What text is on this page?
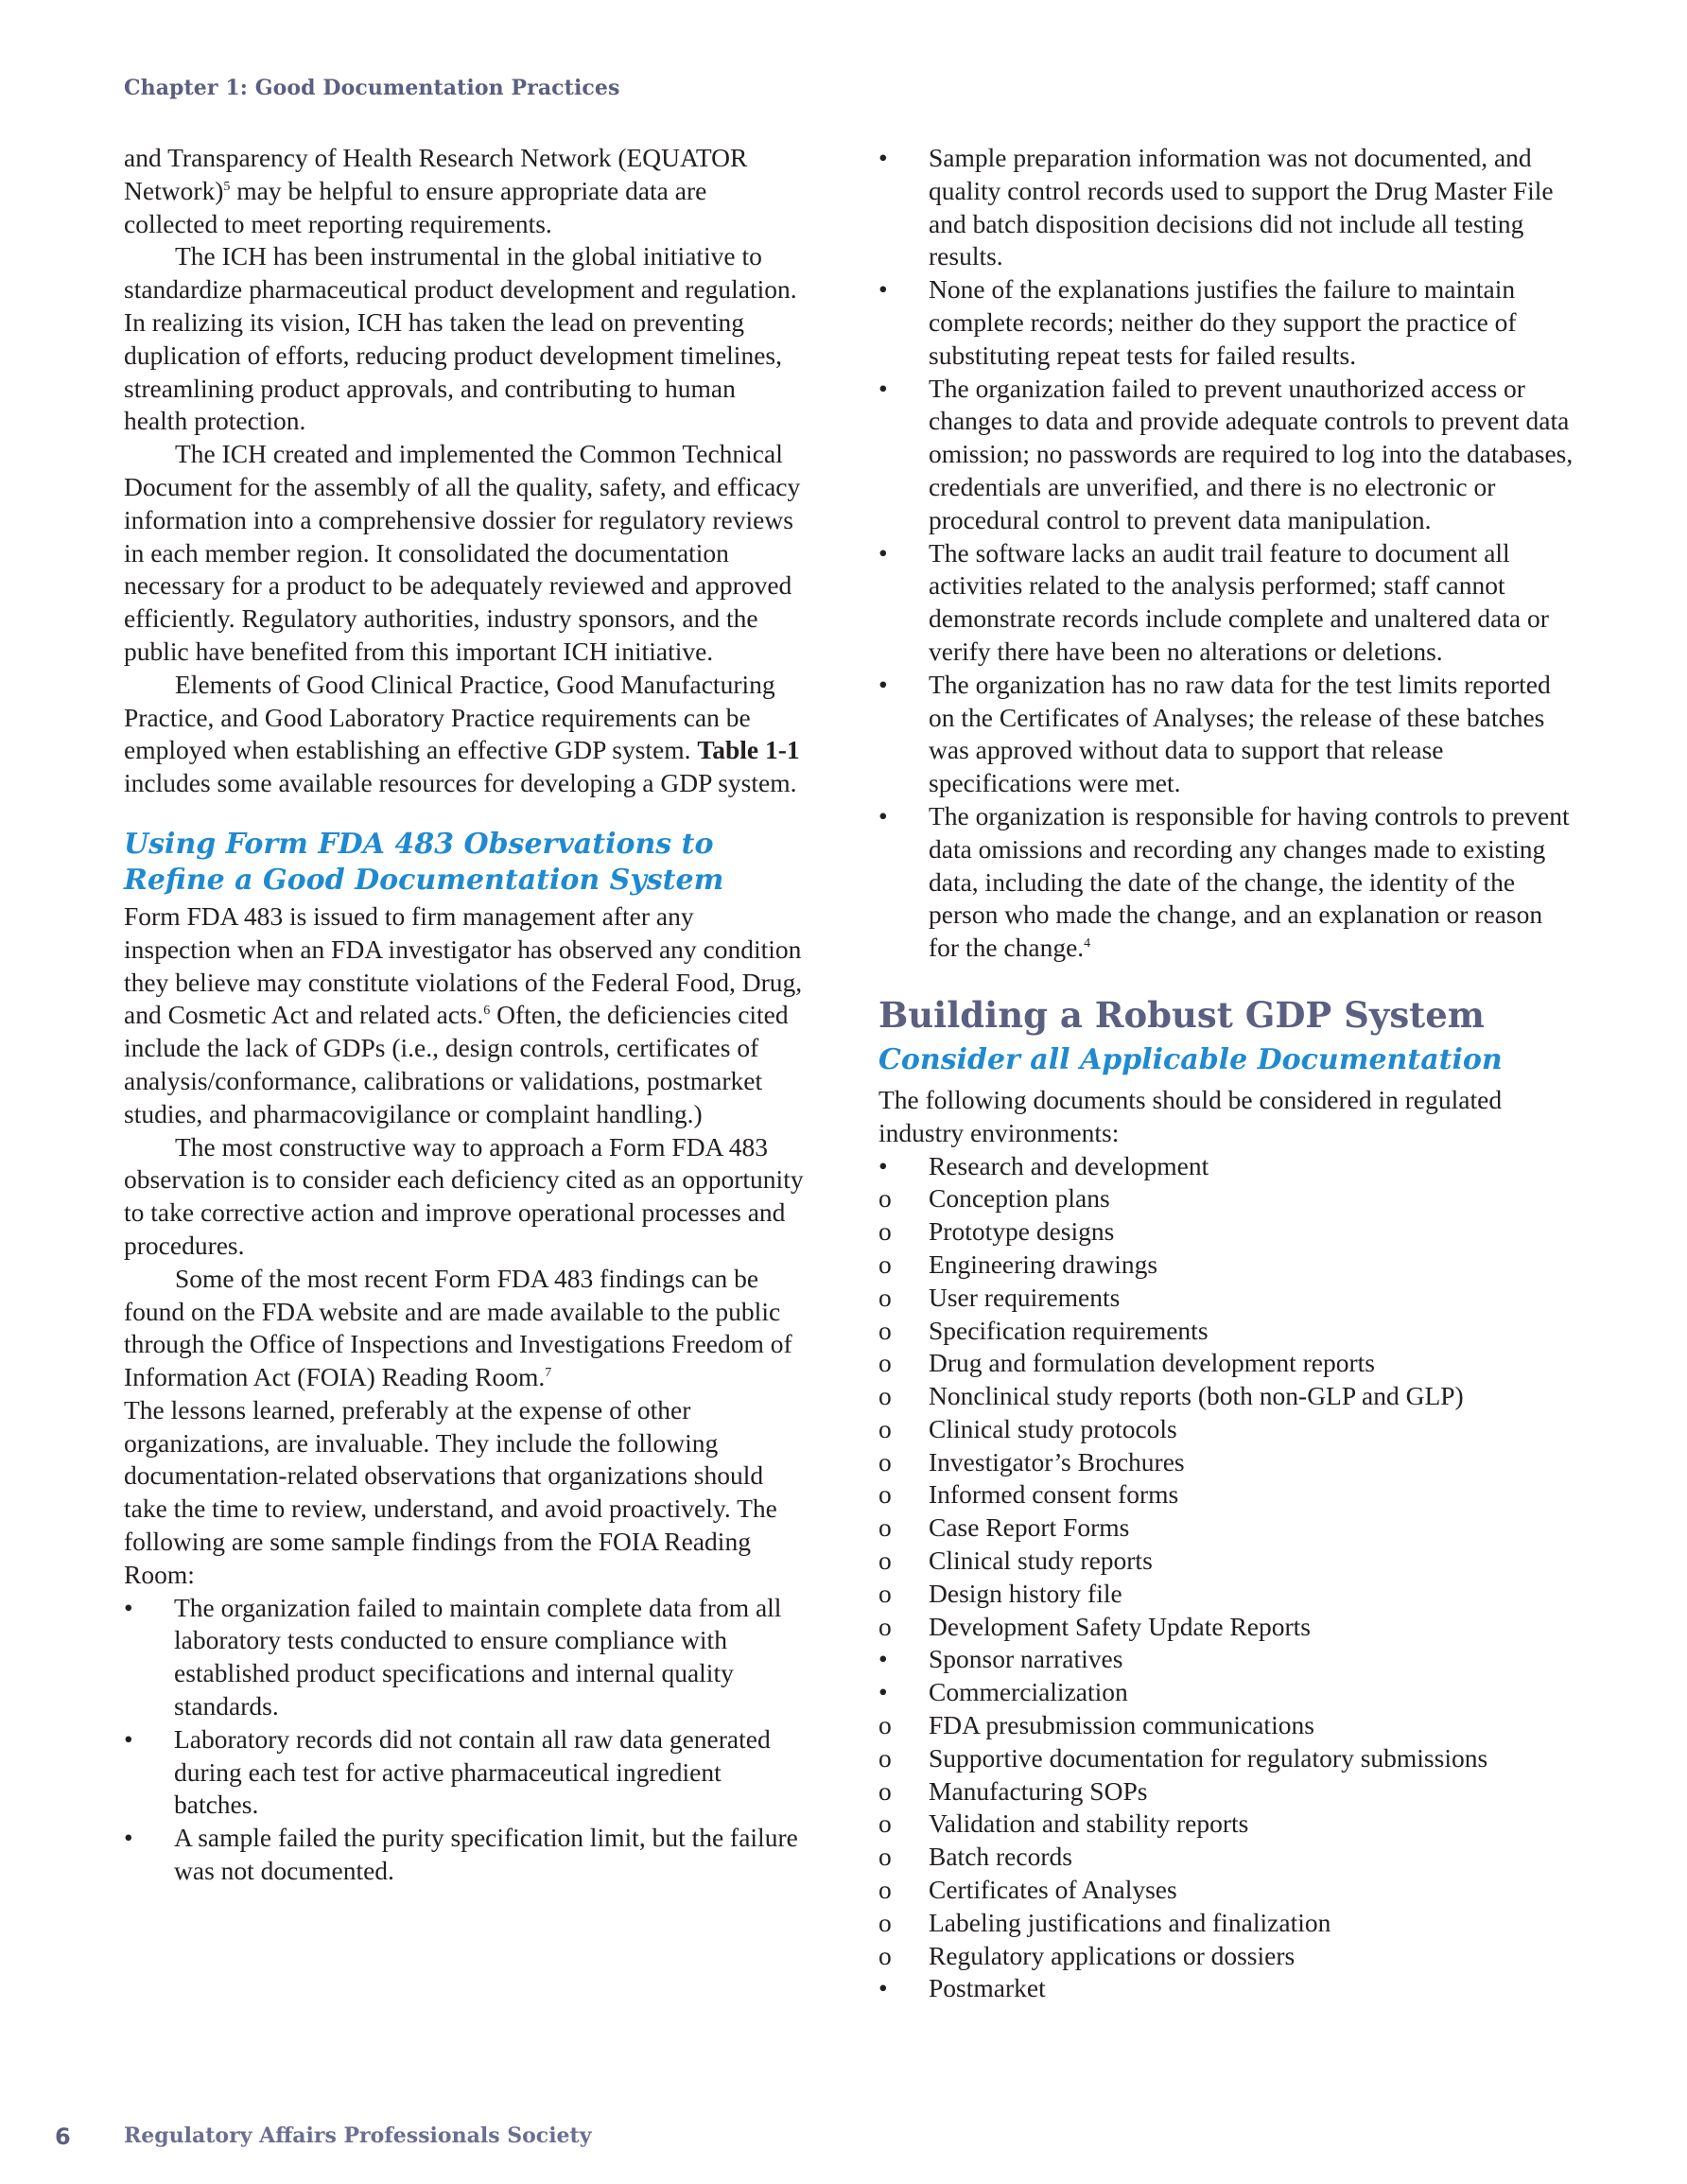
Chapter 1: Good Documentation Practices

and Transparency of Health Research Network (EQUATOR Network)$^5$ may be helpful to ensure appropriate data are collected to meet reporting requirements.

The ICH has been instrumental in the global initiative to standardize pharmaceutical product development and regulation. In realizing its vision, ICH has taken the lead on preventing duplication of efforts, reducing product development timelines, streamlining product approvals, and contributing to human health protection.

The ICH created and implemented the Common Technical Document for the assembly of all the quality, safety, and efficacy information into a comprehensive dossier for regulatory reviews in each member region. It consolidated the documentation necessary for a product to be adequately reviewed and approved efficiently. Regulatory authorities, industry sponsors, and the public have benefited from this important ICH initiative.

Elements of Good Clinical Practice, Good Manufacturing Practice, and Good Laboratory Practice requirements can be employed when establishing an effective GDP system. Table 1-1 includes some available resources for developing a GDP system.

Using Form FDA 483 Observations to Refine a Good Documentation System

Form FDA 483 is issued to firm management after any inspection when an FDA investigator has observed any condition they believe may constitute violations of the Federal Food, Drug, and Cosmetic Act and related acts.$^6$ Often, the deficiencies cited include the lack of GDPs (i.e., design controls, certificates of analysis/conformance, calibrations or validations, postmarket studies, and pharmacovigilance or complaint handling.)

The most constructive way to approach a Form FDA 483 observation is to consider each deficiency cited as an opportunity to take corrective action and improve operational processes and procedures.

Some of the most recent Form FDA 483 findings can be found on the FDA website and are made available to the public through the Office of Inspections and Investigations Freedom of Information Act (FOIA) Reading Room.$^7$

The lessons learned, preferably at the expense of other organizations, are invaluable. They include the following documentation-related observations that organizations should take the time to review, understand, and avoid proactively. The following are some sample findings from the FOIA Reading Room:

•	The organization failed to maintain complete data from all laboratory tests conducted to ensure compliance with established product specifications and internal quality standards.
•	Laboratory records did not contain all raw data generated during each test for active pharmaceutical ingredient batches.
•	A sample failed the purity specification limit, but the failure was not documented.
•	Sample preparation information was not documented, and quality control records used to support the Drug Master File and batch disposition decisions did not include all testing results.
•	None of the explanations justifies the failure to maintain complete records; neither do they support the practice of substituting repeat tests for failed results.
•	The organization failed to prevent unauthorized access or changes to data and provide adequate controls to prevent data omission; no passwords are required to log into the databases, credentials are unverified, and there is no electronic or procedural control to prevent data manipulation.
•	The software lacks an audit trail feature to document all activities related to the analysis performed; staff cannot demonstrate records include complete and unaltered data or verify there have been no alterations or deletions.
•	The organization has no raw data for the test limits reported on the Certificates of Analyses; the release of these batches was approved without data to support that release specifications were met.
•	The organization is responsible for having controls to prevent data omissions and recording any changes made to existing data, including the date of the change, the identity of the person who made the change, and an explanation or reason for the change.$^4$
Building a Robust GDP System
Consider all Applicable Documentation

The following documents should be considered in regulated industry environments:

•	Research and development
o	Conception plans
o	Prototype designs
o	Engineering drawings
o	User requirements
o	Specification requirements
o	Drug and formulation development reports
o	Nonclinical study reports (both non-GLP and GLP)
o	Clinical study protocols
o	Investigator’s Brochures
o	Informed consent forms
o	Case Report Forms
o	Clinical study reports
o	Design history file
o	Development Safety Update Reports
•	Sponsor narratives
•	Commercialization
o	FDA presubmission communications
o	Supportive documentation for regulatory submissions
o	Manufacturing SOPs
o	Validation and stability reports
o	Batch records
o	Certificates of Analyses
o	Labeling justifications and finalization
o	Regulatory applications or dossiers
•	Postmarket
6	Regulatory Affairs Professionals Society
